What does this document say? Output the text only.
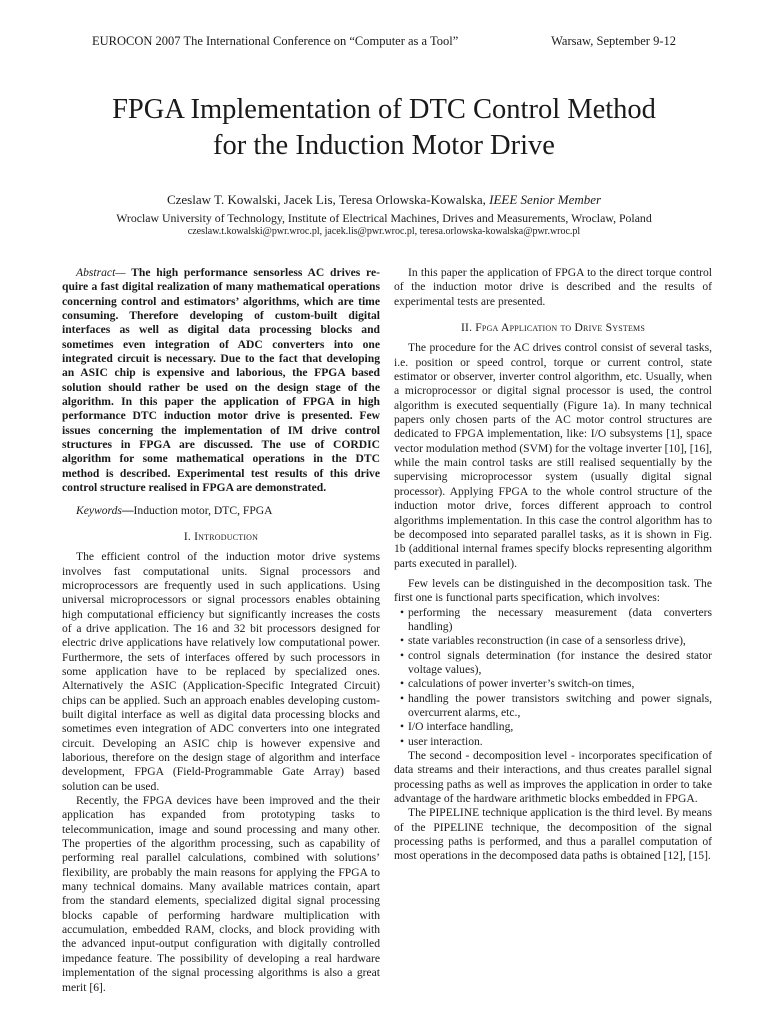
EUROCON 2007 The International Conference on “Computer as a Tool”	Warsaw, September 9-12
FPGA Implementation of DTC Control Method
for the Induction Motor Drive
Czeslaw T. Kowalski, Jacek Lis, Teresa Orlowska-Kowalska, IEEE Senior Member
Wroclaw University of Technology, Institute of Electrical Machines, Drives and Measurements, Wroclaw, Poland
czeslaw.t.kowalski@pwr.wroc.pl, jacek.lis@pwr.wroc.pl, teresa.orlowska-kowalska@pwr.wroc.pl

Abstract— The high performance sensorless AC drives require a fast digital realization of many mathematical operations concerning control and estimators’ algorithms, which are time consuming. Therefore developing of custom-built digital interfaces as well as digital data processing blocks and sometimes even integration of ADC converters into one integrated circuit is necessary. Due to the fact that developing an ASIC chip is expensive and laborious, the FPGA based solution should rather be used on the design stage of the algorithm. In this paper the application of FPGA in high performance DTC induction motor drive is presented. Few issues concerning the implementation of IM drive control structures in FPGA are discussed. The use of CORDIC algorithm for some mathematical operations in the DTC method is described. Experimental test results of this drive control structure realised in FPGA are demonstrated.

Keywords—Induction motor, DTC, FPGA

I. Introduction

The efficient control of the induction motor drive systems involves fast computational units. Signal processors and microprocessors are frequently used in such applications. Using universal microprocessors or signal processors enables obtaining high computational efficiency but significantly increases the costs of a drive application. The 16 and 32 bit processors designed for electric drive applications have relatively low computational power. Furthermore, the sets of interfaces offered by such processors in some application have to be replaced by specialized ones. Alternatively the ASIC (Application-Specific Integrated Circuit) chips can be applied. Such an approach enables developing custom-built digital interface as well as digital data processing blocks and sometimes even integration of ADC converters into one integrated circuit. Developing an ASIC chip is however expensive and laborious, therefore on the design stage of algorithm and interface development, FPGA (Field-Programmable Gate Array) based solution can be used.

Recently, the FPGA devices have been improved and the their application has expanded from prototyping tasks to telecommunication, image and sound processing and many other. The properties of the algorithm processing, such as capability of performing real parallel calculations, combined with solutions’ flexibility, are probably the main reasons for applying the FPGA to many technical domains. Many available matrices contain, apart from the standard elements, specialized digital signal processing blocks capable of performing hardware multiplication with accumulation, embedded RAM, clocks, and block providing with the advanced input-output configuration with digitally controlled impedance feature. The possibility of developing a real hardware implementation of the signal processing algorithms is also a great merit [6].

In this paper the application of FPGA to the direct torque control of the induction motor drive is described and the results of experimental tests are presented.

II. Fpga Application to Drive Systems

The procedure for the AC drives control consist of several tasks, i.e. position or speed control, torque or current control, state estimator or observer, inverter control algorithm, etc. Usually, when a microprocessor or digital signal processor is used, the control algorithm is executed sequentially (Figure 1a). In many technical papers only chosen parts of the AC motor control structures are dedicated to FPGA implementation, like: I/O subsystems [1], space vector modulation method (SVM) for the voltage inverter [10], [16], while the main control tasks are still realised sequentially by the supervising microprocessor system (usually digital signal processor). Applying FPGA to the whole control structure of the induction motor drive, forces different approach to control algorithms implementation. In this case the control algorithm has to be decomposed into separated parallel tasks, as it is shown in Fig. 1b (additional internal frames specify blocks representing algorithm parts executed in parallel).

Few levels can be distinguished in the decomposition task. The first one is functional parts specification, which involves:

• performing the necessary measurement (data converters handling)
• state variables reconstruction (in case of a sensorless drive),
• control signals determination (for instance the desired stator voltage values),
• calculations of power inverter’s switch-on times,
• handling the power transistors switching and power signals, overcurrent alarms, etc.,
• I/O interface handling,
• user interaction.

The second - decomposition level - incorporates specification of data streams and their interactions, and thus creates parallel signal processing paths as well as improves the application in order to take advantage of the hardware arithmetic blocks embedded in FPGA.

The PIPELINE technique application is the third level. By means of the PIPELINE technique, the decomposition of the signal processing paths is performed, and thus a parallel computation of most operations in the decomposed data paths is obtained [12], [15].
